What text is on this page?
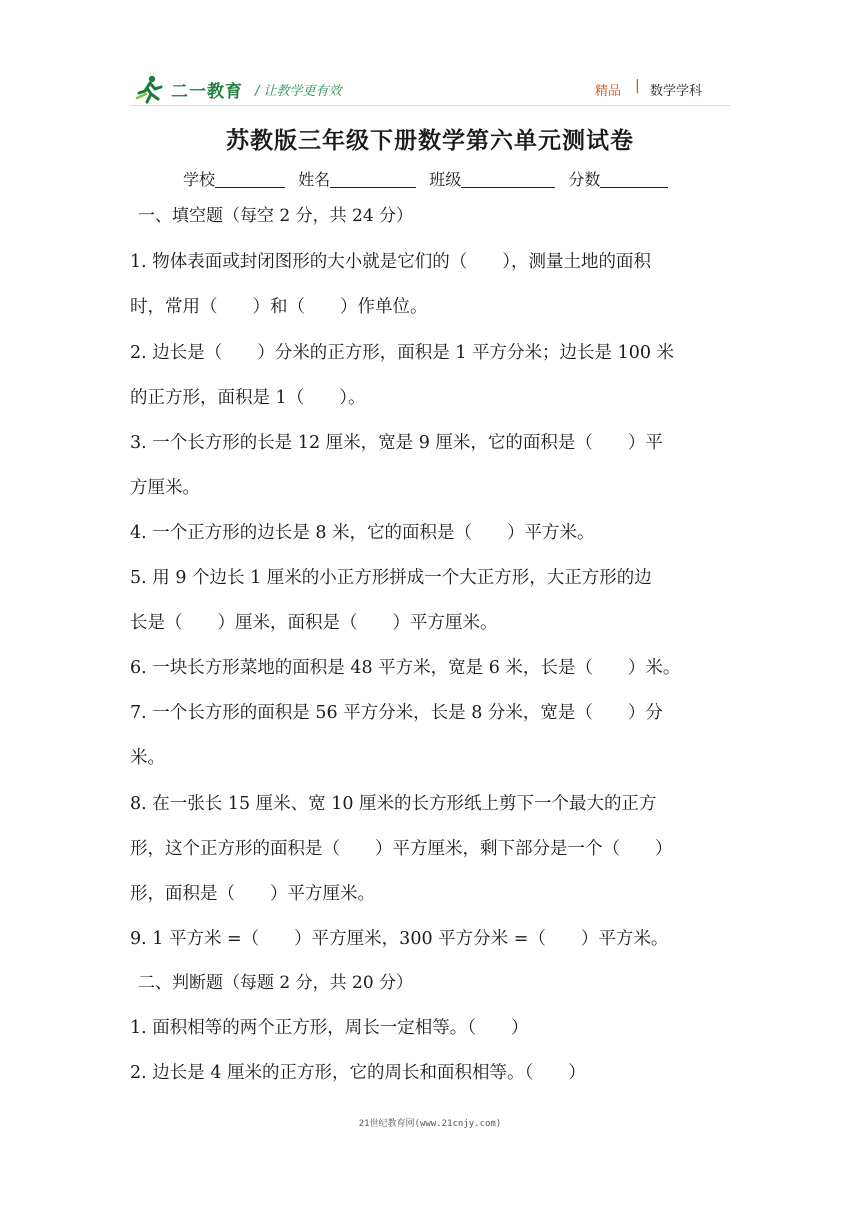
二一教育 / 让教学更有效	精品 | 数学学科
苏教版三年级下册数学第六单元测试卷
学校	姓名	班级	分数
一、填空题（每空 2 分，共 24 分）
1. 物体表面或封闭图形的大小就是它们的（　　），测量土地的面积
时，常用（　　）和（　　）作单位。
2. 边长是（　　）分米的正方形，面积是 1 平方分米；边长是 100 米
的正方形，面积是 1（　　）。
3. 一个长方形的长是 12 厘米，宽是 9 厘米，它的面积是（　　）平
方厘米。
4. 一个正方形的边长是 8 米，它的面积是（　　）平方米。
5. 用 9 个边长 1 厘米的小正方形拼成一个大正方形，大正方形的边
长是（　　）厘米，面积是（　　）平方厘米。
6. 一块长方形菜地的面积是 48 平方米，宽是 6 米，长是（　　）米。
7. 一个长方形的面积是 56 平方分米，长是 8 分米，宽是（　　）分
米。
8. 在一张长 15 厘米、宽 10 厘米的长方形纸上剪下一个最大的正方
形，这个正方形的面积是（　　）平方厘米，剩下部分是一个（　　）
形，面积是（　　）平方厘米。
9. 1 平方米 =（　　）平方厘米，300 平方分米 =（　　）平方米。
二、判断题（每题 2 分，共 20 分）
1. 面积相等的两个正方形，周长一定相等。（　　）
2. 边长是 4 厘米的正方形，它的周长和面积相等。（　　）
21世纪教育网(www.21cnjy.com)
